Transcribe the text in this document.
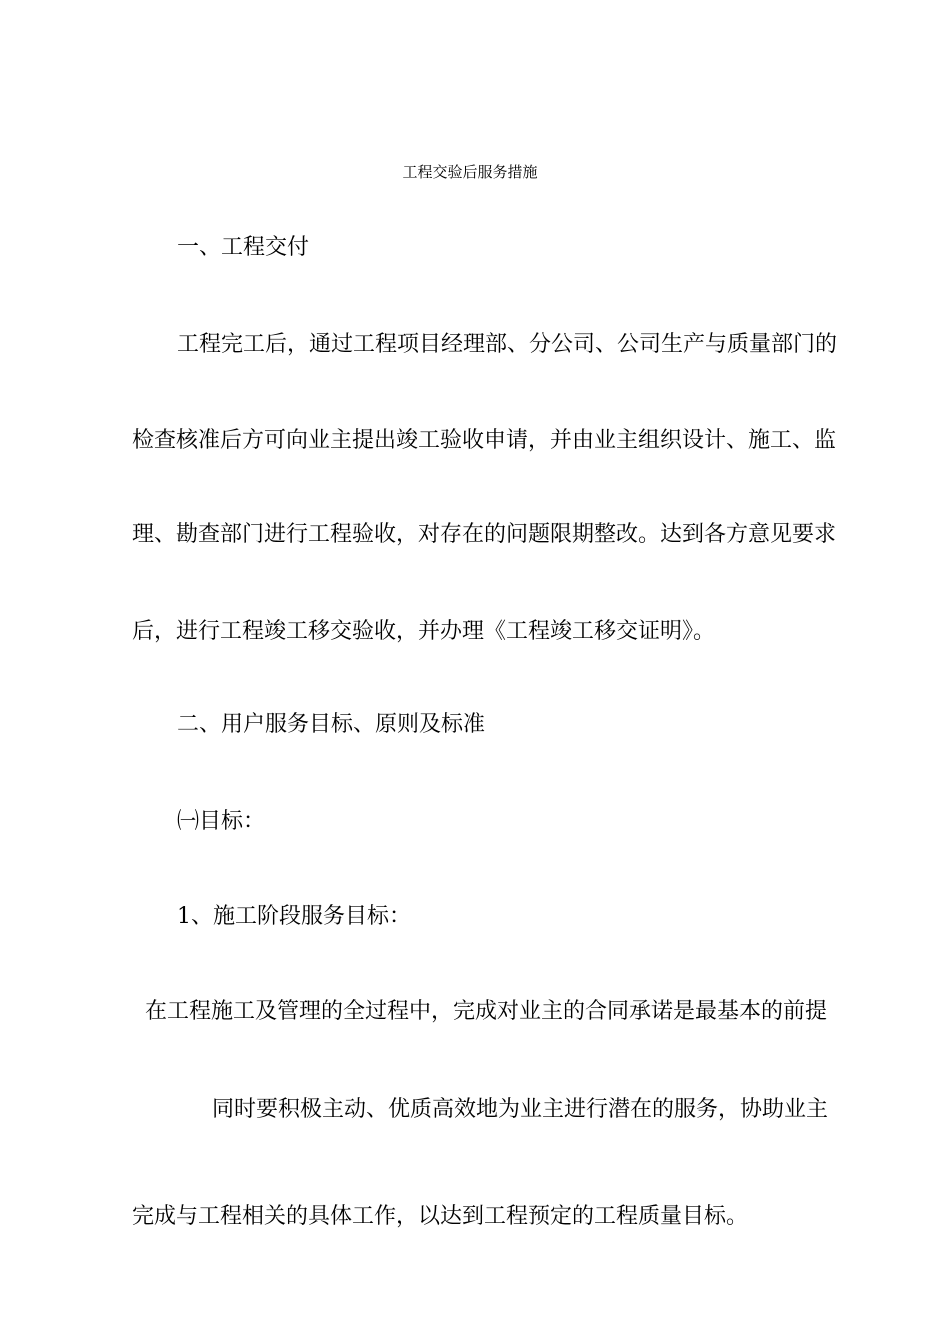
工程交验后服务措施
一、工程交付
工程完工后，通过工程项目经理部、分公司、公司生产与质量部门的
检查核准后方可向业主提出竣工验收申请，并由业主组织设计、施工、监
理、勘查部门进行工程验收，对存在的问题限期整改。达到各方意见要求
后，进行工程竣工移交验收，并办理《工程竣工移交证明》。
二、用户服务目标、原则及标准
㈠目标：
1、施工阶段服务目标：
在工程施工及管理的全过程中，完成对业主的合同承诺是最基本的前提
同时要积极主动、优质高效地为业主进行潜在的服务，协助业主
完成与工程相关的具体工作，以达到工程预定的工程质量目标。
